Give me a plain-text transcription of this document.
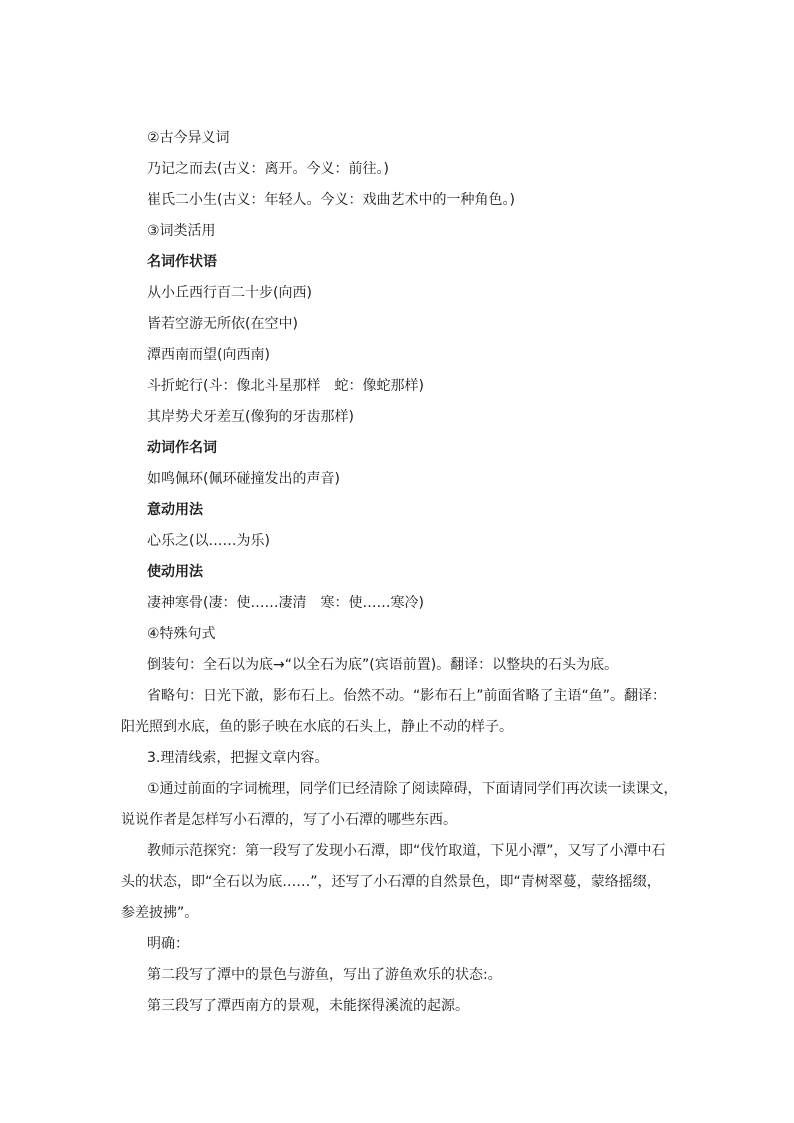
②古今异义词
乃记之而去(古义：离开。今义：前往。)
崔氏二小生(古义：年轻人。今义：戏曲艺术中的一种角色。)
③词类活用
名词作状语
从小丘西行百二十步(向西)
皆若空游无所依(在空中)
潭西南而望(向西南)
斗折蛇行(斗：像北斗星那样　蛇：像蛇那样)
其岸势犬牙差互(像狗的牙齿那样)
动词作名词
如鸣佩环(佩环碰撞发出的声音)
意动用法
心乐之(以……为乐)
使动用法
凄神寒骨(凄：使……凄清　寒：使……寒冷)
④特殊句式
倒装句：全石以为底→“以全石为底”(宾语前置)。翻译：以整块的石头为底。
省略句：日光下澈，影布石上。佁然不动。“影布石上”前面省略了主语“鱼”。翻译：
阳光照到水底，鱼的影子映在水底的石头上，静止不动的样子。
3.理清线索，把握文章内容。
①通过前面的字词梳理，同学们已经清除了阅读障碍，下面请同学们再次读一读课文，
说说作者是怎样写小石潭的，写了小石潭的哪些东西。
教师示范探究：第一段写了发现小石潭，即“伐竹取道，下见小潭”，又写了小潭中石
头的状态，即“全石以为底……”，还写了小石潭的自然景色，即“青树翠蔓，蒙络摇缀，
参差披拂”。
明确：
第二段写了潭中的景色与游鱼，写出了游鱼欢乐的状态:。
第三段写了潭西南方的景观，未能探得溪流的起源。
